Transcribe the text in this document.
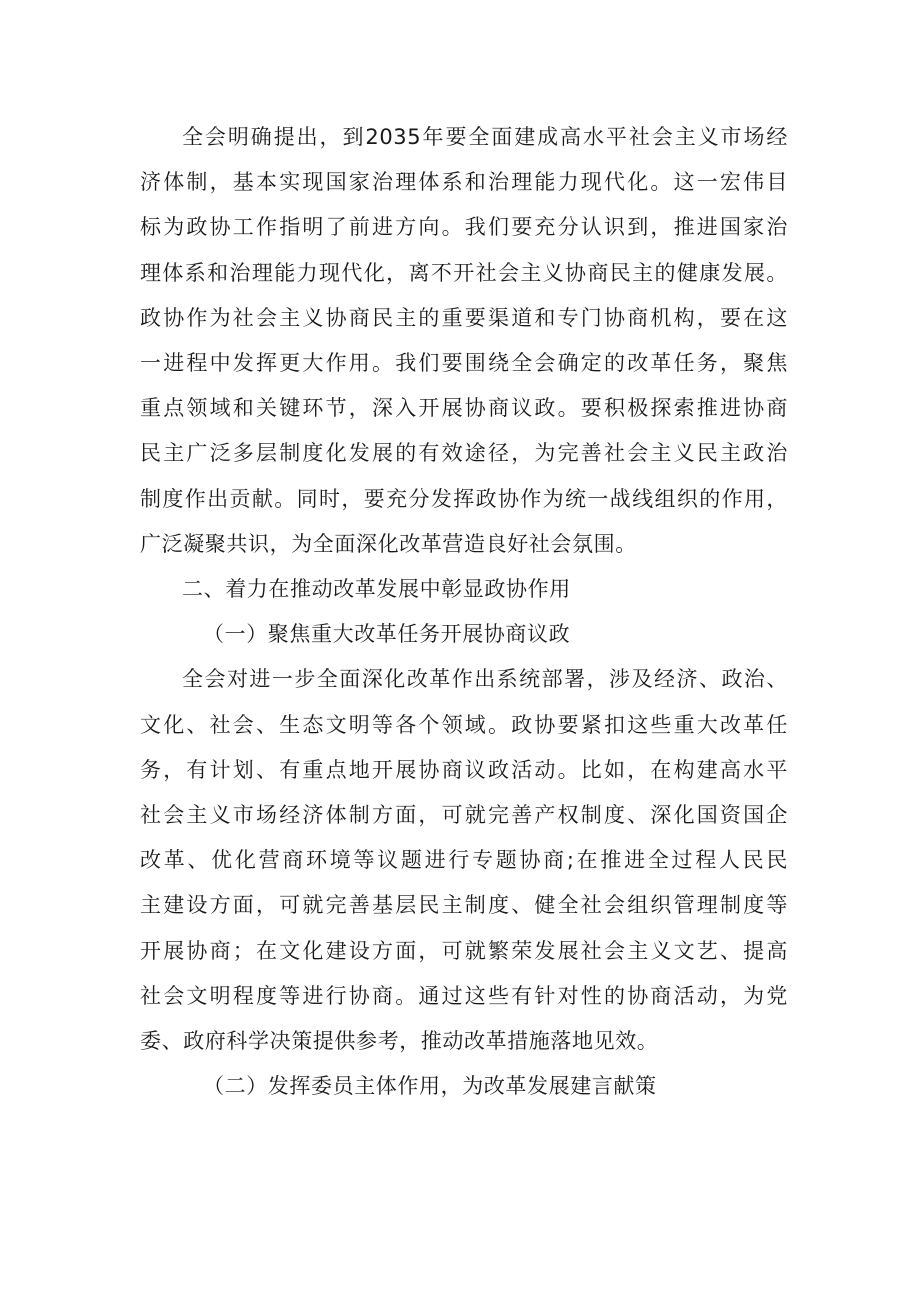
全会明确提出，到2035年要全面建成高水平社会主义市场经
济体制，基本实现国家治理体系和治理能力现代化。这一宏伟目
标为政协工作指明了前进方向。我们要充分认识到，推进国家治
理体系和治理能力现代化，离不开社会主义协商民主的健康发展。
政协作为社会主义协商民主的重要渠道和专门协商机构，要在这
一进程中发挥更大作用。我们要围绕全会确定的改革任务，聚焦
重点领域和关键环节，深入开展协商议政。要积极探索推进协商
民主广泛多层制度化发展的有效途径，为完善社会主义民主政治
制度作出贡献。同时，要充分发挥政协作为统一战线组织的作用，
广泛凝聚共识，为全面深化改革营造良好社会氛围。

二、着力在推动改革发展中彰显政协作用

（一）聚焦重大改革任务开展协商议政

全会对进一步全面深化改革作出系统部署，涉及经济、政治、
文化、社会、生态文明等各个领域。政协要紧扣这些重大改革任
务，有计划、有重点地开展协商议政活动。比如，在构建高水平
社会主义市场经济体制方面，可就完善产权制度、深化国资国企
改革、优化营商环境等议题进行专题协商;在推进全过程人民民
主建设方面，可就完善基层民主制度、健全社会组织管理制度等
开展协商；在文化建设方面，可就繁荣发展社会主义文艺、提高
社会文明程度等进行协商。通过这些有针对性的协商活动，为党
委、政府科学决策提供参考，推动改革措施落地见效。

（二）发挥委员主体作用，为改革发展建言献策
